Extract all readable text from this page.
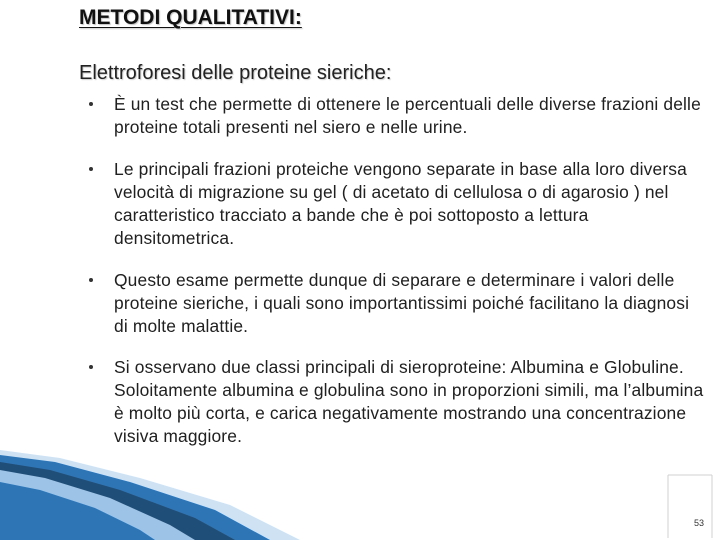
METODI QUALITATIVI:
Elettroforesi delle proteine sieriche:
È un test che permette di ottenere le percentuali delle diverse frazioni delle proteine totali presenti nel siero e nelle urine.
Le principali frazioni proteiche vengono separate in base alla loro diversa velocità di migrazione su gel ( di acetato di cellulosa o di agarosio ) nel caratteristico tracciato a bande che è poi sottoposto a lettura densitometrica.
Questo esame permette dunque di separare e determinare i valori delle proteine sieriche, i quali sono importantissimi poiché facilitano la diagnosi di molte malattie.
Si osservano due classi principali di sieroproteine: Albumina e Globuline. Soloitamente albumina e globulina sono in proporzioni simili, ma l’albumina è molto più corta, e carica negativamente mostrando una concentrazione visiva maggiore.
53
